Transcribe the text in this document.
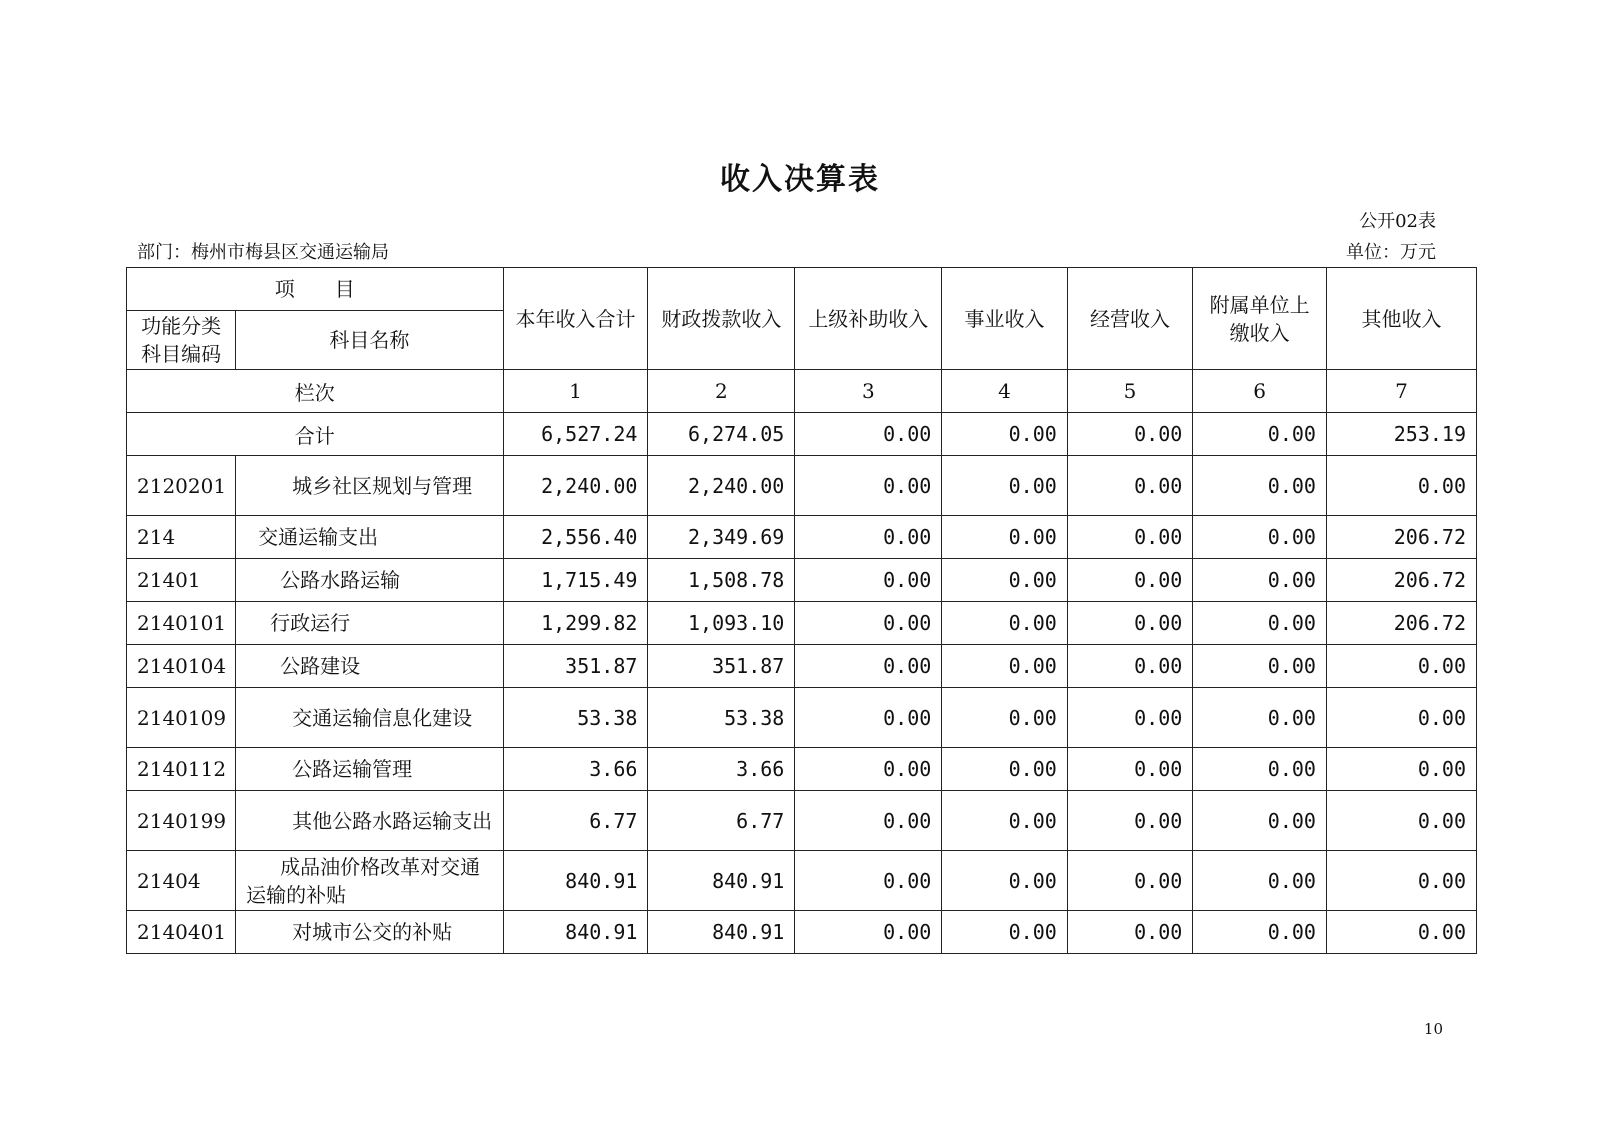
收入决算表
公开02表
部门：梅州市梅县区交通运输局	单位：万元
项　　目		本年收入合计	财政拨款收入	上级补助收入	事业收入	经营收入	附属单位上缴收入	其他收入
功能分类科目编码	科目名称							
栏次		1	2	3	4	5	6	7
合计		6,527.24	6,274.05	0.00	0.00	0.00	0.00	253.19
2120201	城乡社区规划与管理	2,240.00	2,240.00	0.00	0.00	0.00	0.00	0.00
214	交通运输支出	2,556.40	2,349.69	0.00	0.00	0.00	0.00	206.72
21401	公路水路运输	1,715.49	1,508.78	0.00	0.00	0.00	0.00	206.72
2140101	行政运行	1,299.82	1,093.10	0.00	0.00	0.00	0.00	206.72
2140104	公路建设	351.87	351.87	0.00	0.00	0.00	0.00	0.00
2140109	交通运输信息化建设	53.38	53.38	0.00	0.00	0.00	0.00	0.00
2140112	公路运输管理	3.66	3.66	0.00	0.00	0.00	0.00	0.00
2140199	其他公路水路运输支出	6.77	6.77	0.00	0.00	0.00	0.00	0.00
21404	成品油价格改革对交通运输的补贴	840.91	840.91	0.00	0.00	0.00	0.00	0.00
2140401	对城市公交的补贴	840.91	840.91	0.00	0.00	0.00	0.00	0.00
10
